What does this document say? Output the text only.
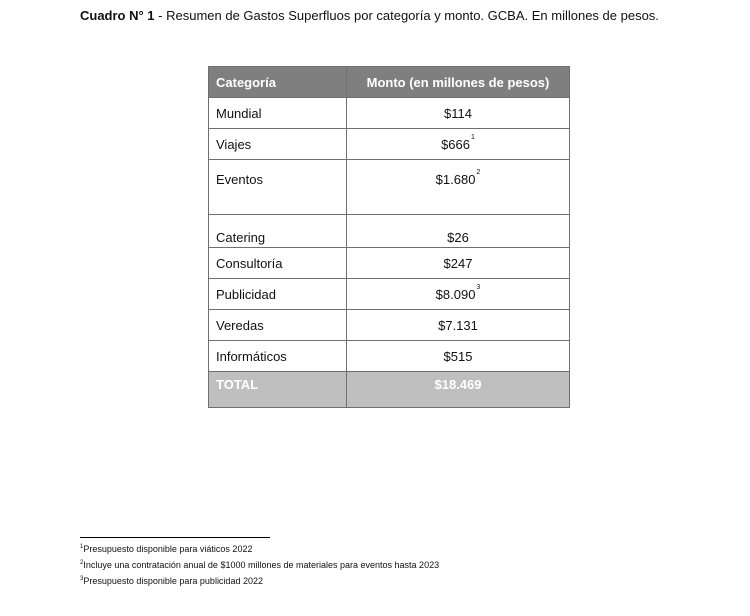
Cuadro N° 1 - Resumen de Gastos Superfluos por categoría y monto. GCBA. En millones de pesos.
Categoría	Monto (en millones de pesos)
Mundial	$114
Viajes	$\$666^1$
Eventos	$1.680$^2$
Catering	$26
Consultoría	$247
Publicidad	$8.090$^3$
Veredas	$7.131
Informáticos	$515
TOTAL	$18.469
$^1$Presupuesto disponible para viáticos 2022
$^2$Incluye una contratación anual de $1000 millones de materiales para eventos hasta 2023
$^3$Presupuesto disponible para publicidad 2022
